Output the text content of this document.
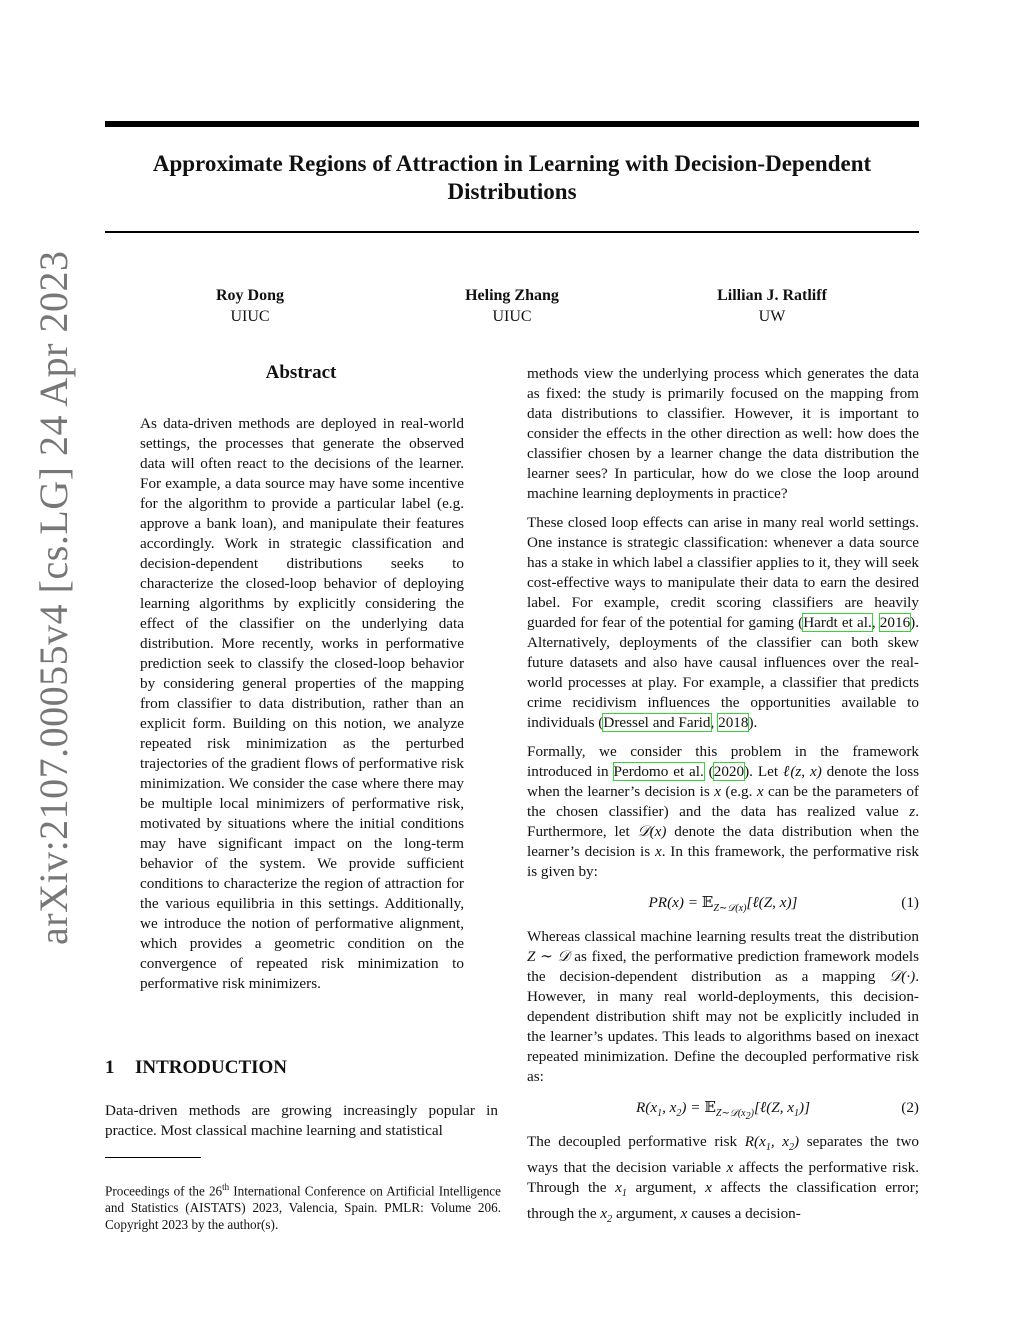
Approximate Regions of Attraction in Learning with Decision-Dependent Distributions
Roy Dong
UIUC
Heling Zhang
UIUC
Lillian J. Ratliff
UW
arXiv:2107.00055v4 [cs.LG] 24 Apr 2023	Abstract

As data-driven methods are deployed in real-world settings, the processes that generate the observed data will often react to the decisions of the learner. For example, a data source may have some incentive for the algorithm to provide a particular label (e.g. approve a bank loan), and manipulate their features accordingly. Work in strategic classification and decision-dependent distributions seeks to characterize the closed-loop behavior of deploying learning algorithms by explicitly considering the effect of the classifier on the underlying data distribution. More recently, works in performative prediction seek to classify the closed-loop behavior by considering general properties of the mapping from classifier to data distribution, rather than an explicit form. Building on this notion, we analyze repeated risk minimization as the perturbed trajectories of the gradient flows of performative risk minimization. We consider the case where there may be multiple local minimizers of performative risk, motivated by situations where the initial conditions may have significant impact on the long-term behavior of the system. We provide sufficient conditions to characterize the region of attraction for the various equilibria in this settings. Additionally, we introduce the notion of performative alignment, which provides a geometric condition on the convergence of repeated risk minimization to performative risk minimizers.

1 INTRODUCTION

Data-driven methods are growing increasingly popular in practice. Most classical machine learning and statistical

Proceedings of the 26th International Conference on Artificial Intelligence and Statistics (AISTATS) 2023, Valencia, Spain. PMLR: Volume 206. Copyright 2023 by the author(s).

methods view the underlying process which generates the data as fixed: the study is primarily focused on the mapping from data distributions to classifier. However, it is important to consider the effects in the other direction as well: how does the classifier chosen by a learner change the data distribution the learner sees? In particular, how do we close the loop around machine learning deployments in practice?

These closed loop effects can arise in many real world settings. One instance is strategic classification: whenever a data source has a stake in which label a classifier applies to it, they will seek cost-effective ways to manipulate their data to earn the desired label. For example, credit scoring classifiers are heavily guarded for fear of the potential for gaming (Hardt et al., 2016). Alternatively, deployments of the classifier can both skew future datasets and also have causal influences over the real-world processes at play. For example, a classifier that predicts crime recidivism influences the opportunities available to individuals (Dressel and Farid, 2018).

Formally, we consider this problem in the framework introduced in Perdomo et al. (2020). Let ℓ(z, x) denote the loss when the learner’s decision is x (e.g. x can be the parameters of the chosen classifier) and the data has realized value z. Furthermore, let 𝒟(x) denote the data distribution when the learner’s decision is x. In this framework, the performative risk is given by:

PR(x) = 𝔼$_{Z\sim 𝒟(x)}$[ℓ(Z, x)]	(1)

Whereas classical machine learning results treat the distribution Z ∼ 𝒟 as fixed, the performative prediction framework models the decision-dependent distribution as a mapping 𝒟(·). However, in many real world-deployments, this decision-dependent distribution shift may not be explicitly included in the learner’s updates. This leads to algorithms based on inexact repeated minimization. Define the decoupled performative risk as:

$R(x_1$, $x_2$) = 𝔼$_{Z\sim 𝒟(x_2)}$[ℓ(Z, $x_1$)]	(2)

The decoupled performative risk $R(x_1$, $x_2$) separates the two ways that the decision variable x affects the performative risk. Through the $x_1$ argument, x affects the classification error; through the $x_2$ argument, x causes a decision-
